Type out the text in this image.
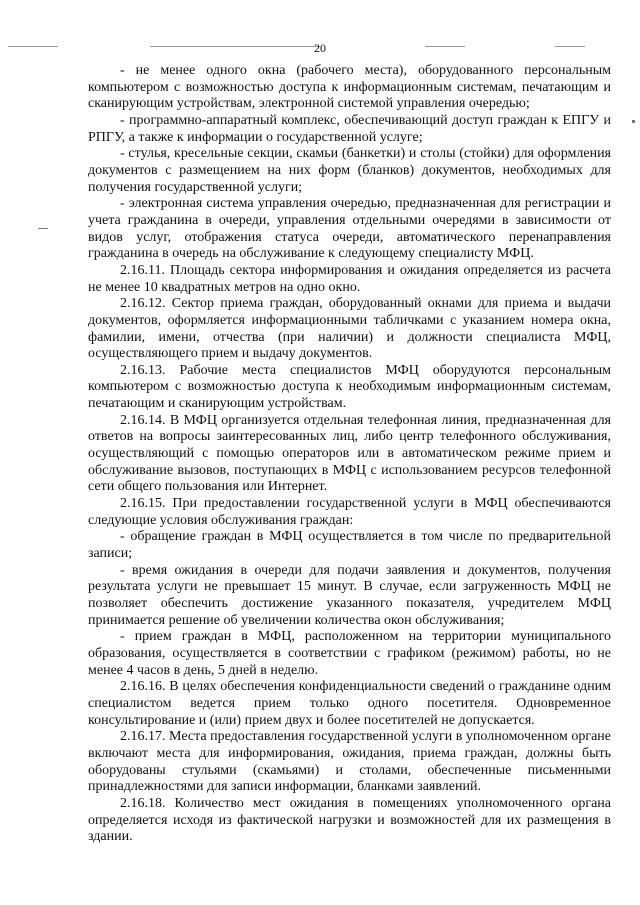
20

- не менее одного окна (рабочего места), оборудованного персональным компьютером с возможностью доступа к информационным системам, печатающим и сканирующим устройствам, электронной системой управления очередью;

- программно-аппаратный комплекс, обеспечивающий доступ граждан к ЕПГУ и РПГУ, а также к информации о государственной услуге;

- стулья, кресельные секции, скамьи (банкетки) и столы (стойки) для оформления документов с размещением на них форм (бланков) документов, необходимых для получения государственной услуги;

- электронная система управления очередью, предназначенная для регистрации и учета гражданина в очереди, управления отдельными очередями в зависимости от видов услуг, отображения статуса очереди, автоматического перенаправления гражданина в очередь на обслуживание к следующему специалисту МФЦ.

2.16.11. Площадь сектора информирования и ожидания определяется из расчета не менее 10 квадратных метров на одно окно.

2.16.12. Сектор приема граждан, оборудованный окнами для приема и выдачи документов, оформляется информационными табличками с указанием номера окна, фамилии, имени, отчества (при наличии) и должности специалиста МФЦ, осуществляющего прием и выдачу документов.

2.16.13. Рабочие места специалистов МФЦ оборудуются персональным компьютером с возможностью доступа к необходимым информационным системам, печатающим и сканирующим устройствам.

2.16.14. В МФЦ организуется отдельная телефонная линия, предназначенная для ответов на вопросы заинтересованных лиц, либо центр телефонного обслуживания, осуществляющий с помощью операторов или в автоматическом режиме прием и обслуживание вызовов, поступающих в МФЦ с использованием ресурсов телефонной сети общего пользования или Интернет.

2.16.15. При предоставлении государственной услуги в МФЦ обеспечиваются следующие условия обслуживания граждан:

- обращение граждан в МФЦ осуществляется в том числе по предварительной записи;

- время ожидания в очереди для подачи заявления и документов, получения результата услуги не превышает 15 минут. В случае, если загруженность МФЦ не позволяет обеспечить достижение указанного показателя, учредителем МФЦ принимается решение об увеличении количества окон обслуживания;

- прием граждан в МФЦ, расположенном на территории муниципального образования, осуществляется в соответствии с графиком (режимом) работы, но не менее 4 часов в день, 5 дней в неделю.

2.16.16. В целях обеспечения конфиденциальности сведений о гражданине одним специалистом ведется прием только одного посетителя. Одновременное консультирование и (или) прием двух и более посетителей не допускается.

2.16.17. Места предоставления государственной услуги в уполномоченном органе включают места для информирования, ожидания, приема граждан, должны быть оборудованы стульями (скамьями) и столами, обеспеченные письменными принадлежностями для записи информации, бланками заявлений.

2.16.18. Количество мест ожидания в помещениях уполномоченного органа определяется исходя из фактической нагрузки и возможностей для их размещения в здании.
